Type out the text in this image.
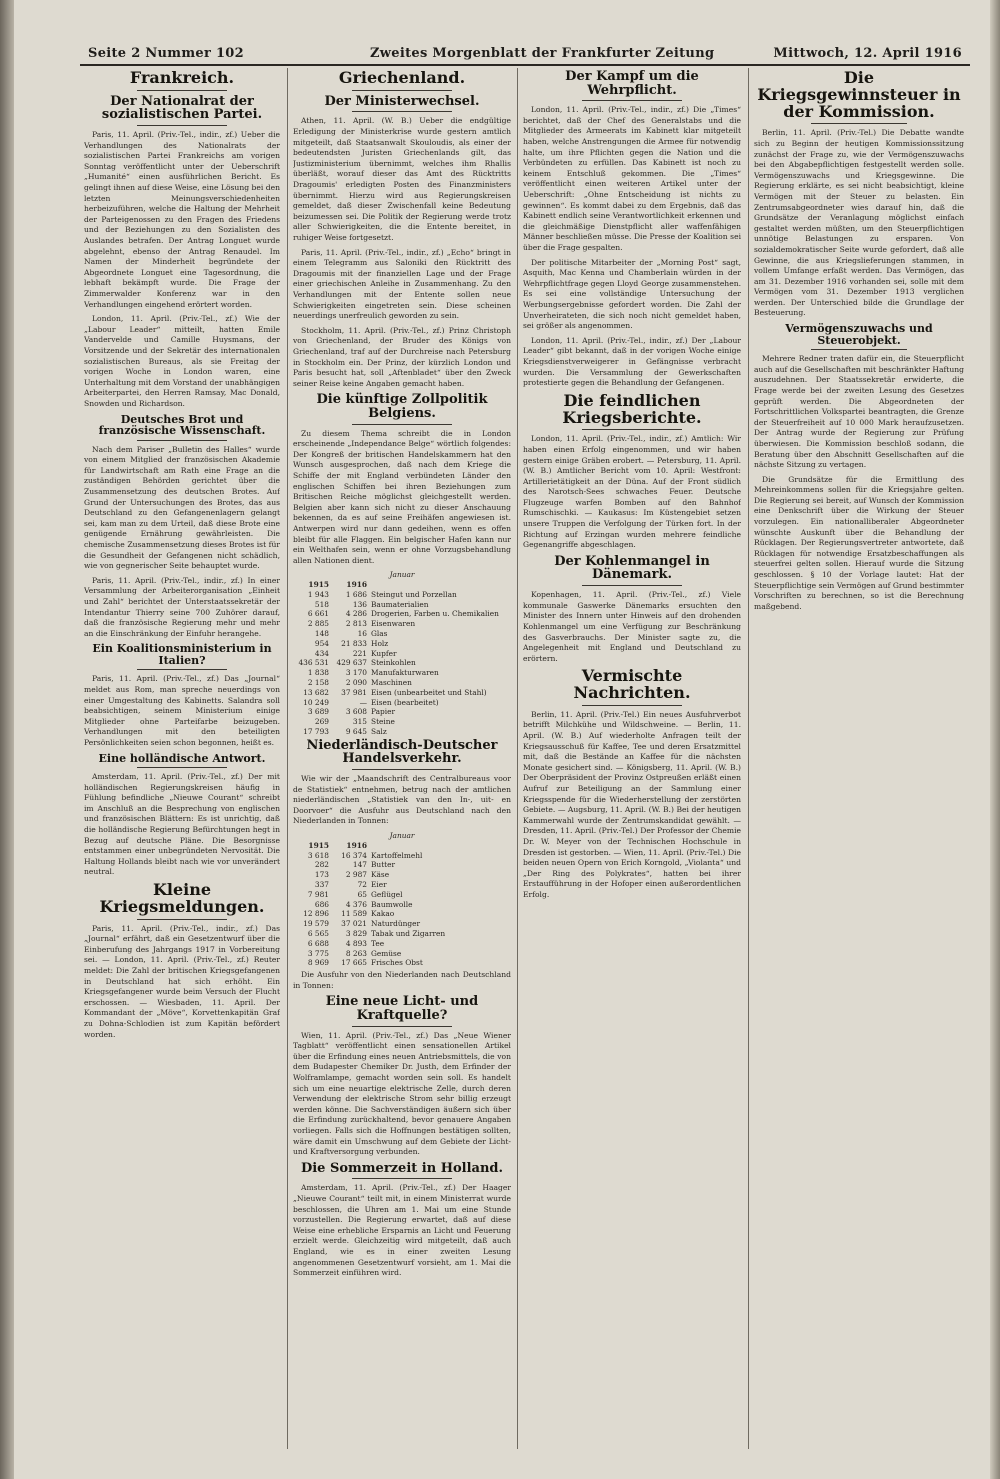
Seite 2 Nummer 102	Zweites Morgenblatt der Frankfurter Zeitung	Mittwoch, 12. April 1916
Frankreich.
Der Nationalrat der sozialistischen Partei.

Paris, 11. April. (Priv.-Tel., indir., zf.) Ueber die Verhandlungen des Nationalrats der sozialistischen Partei Frankreichs am vorigen Sonntag veröffentlicht unter der Ueberschrift „Humanité“ einen ausführlichen Bericht. Es gelingt ihnen auf diese Weise, eine Lösung bei den letzten Meinungsverschiedenheiten herbeizuführen, welche die Haltung der Mehrheit der Parteigenossen zu den Fragen des Friedens und der Beziehungen zu den Sozialisten des Auslandes betrafen. Der Antrag Longuet wurde abgelehnt, ebenso der Antrag Renaudel. Im Namen der Minderheit begründete der Abgeordnete Longuet eine Tagesordnung, die lebhaft bekämpft wurde. Die Frage der Zimmerwalder Konferenz war in den Verhandlungen eingehend erörtert worden.

London, 11. April. (Priv.-Tel., zf.) Wie der „Labour Leader“ mitteilt, hatten Emile Vandervelde und Camille Huysmans, der Vorsitzende und der Sekretär des internationalen sozialistischen Bureaus, als sie Freitag der vorigen Woche in London waren, eine Unterhaltung mit dem Vorstand der unabhängigen Arbeiterpartei, den Herren Ramsay, Mac Donald, Snowden und Richardson.

Deutsches Brot und französische Wissenschaft.

Nach dem Pariser „Bulletin des Halles“ wurde von einem Mitglied der französischen Akademie für Landwirtschaft am Rath eine Frage an die zuständigen Behörden gerichtet über die Zusammensetzung des deutschen Brotes. Auf Grund der Untersuchungen des Brotes, das aus Deutschland zu den Gefangenenlagern gelangt sei, kam man zu dem Urteil, daß diese Brote eine genügende Ernährung gewährleisten. Die chemische Zusammensetzung dieses Brotes ist für die Gesundheit der Gefangenen nicht schädlich, wie von gegnerischer Seite behauptet wurde.

Paris, 11. April. (Priv.-Tel., indir., zf.) In einer Versammlung der Arbeiterorganisation „Einheit und Zahl“ berichtet der Unterstaatssekretär der Intendantur Thierry seine 700 Zuhörer darauf, daß die französische Regierung mehr und mehr an die Einschränkung der Einfuhr herangehe.

Ein Koalitionsministerium in Italien?

Paris, 11. April. (Priv.-Tel., zf.) Das „Journal“ meldet aus Rom, man spreche neuerdings von einer Umgestaltung des Kabinetts. Salandra soll beabsichtigen, seinem Ministerium einige Mitglieder ohne Parteifarbe beizugeben. Verhandlungen mit den beteiligten Persönlichkeiten seien schon begonnen, heißt es.

Eine holländische Antwort.

Amsterdam, 11. April. (Priv.-Tel., zf.) Der mit holländischen Regierungskreisen häufig in Fühlung befindliche „Nieuwe Courant“ schreibt im Anschluß an die Besprechung von englischen und französischen Blättern: Es ist unrichtig, daß die holländische Regierung Befürchtungen hegt in Bezug auf deutsche Pläne. Die Besorgnisse entstammen einer unbegründeten Nervosität. Die Haltung Hollands bleibt nach wie vor unverändert neutral.

Kleine Kriegsmeldungen.

Paris, 11. April. (Priv.-Tel., indir., zf.) Das „Journal“ erfährt, daß ein Gesetzentwurf über die Einberufung des Jahrgangs 1917 in Vorbereitung sei. — London, 11. April. (Priv.-Tel., zf.) Reuter meldet: Die Zahl der britischen Kriegsgefangenen in Deutschland hat sich erhöht. Ein Kriegsgefangener wurde beim Versuch der Flucht erschossen. — Wiesbaden, 11. April. Der Kommandant der „Möve“, Korvettenkapitän Graf zu Dohna-Schlodien ist zum Kapitän befördert worden.

Griechenland.
Der Ministerwechsel.

Athen, 11. April. (W. B.) Ueber die endgültige Erledigung der Ministerkrise wurde gestern amtlich mitgeteilt, daß Staatsanwalt Skouloudis, als einer der bedeutendsten Juristen Griechenlands gilt, das Justizministerium übernimmt, welches ihm Rhallis überläßt, worauf dieser das Amt des Rücktritts Dragoumis' erledigten Posten des Finanzministers übernimmt. Hierzu wird aus Regierungskreisen gemeldet, daß dieser Zwischenfall keine Bedeutung beizumessen sei. Die Politik der Regierung werde trotz aller Schwierigkeiten, die die Entente bereitet, in ruhiger Weise fortgesetzt.

Paris, 11. April. (Priv.-Tel., indir., zf.) „Echo“ bringt in einem Telegramm aus Saloniki den Rücktritt des Dragoumis mit der finanziellen Lage und der Frage einer griechischen Anleihe in Zusammenhang. Zu den Verhandlungen mit der Entente sollen neue Schwierigkeiten eingetreten sein. Diese scheinen neuerdings unerfreulich geworden zu sein.

Stockholm, 11. April. (Priv.-Tel., zf.) Prinz Christoph von Griechenland, der Bruder des Königs von Griechenland, traf auf der Durchreise nach Petersburg in Stockholm ein. Der Prinz, der kürzlich London und Paris besucht hat, soll „Aftenbladet“ über den Zweck seiner Reise keine Angaben gemacht haben.

Die künftige Zollpolitik Belgiens.

Zu diesem Thema schreibt die in London erscheinende „Independance Belge“ wörtlich folgendes: Der Kongreß der britischen Handelskammern hat den Wunsch ausgesprochen, daß nach dem Kriege die Schiffe der mit England verbündeten Länder den englischen Schiffen bei ihren Beziehungen zum Britischen Reiche möglichst gleichgestellt werden. Belgien aber kann sich nicht zu dieser Anschauung bekennen, da es auf seine Freihäfen angewiesen ist. Antwerpen wird nur dann gedeihen, wenn es offen bleibt für alle Flaggen. Ein belgischer Hafen kann nur ein Welthafen sein, wenn er ohne Vorzugsbehandlung allen Nationen dient.

Januar		
1915	1916	
1 943	1 686	Steingut und Porzellan
518	136	Baumaterialien
6 661	4 286	Drogerien, Farben u. Chemikalien
2 885	2 813	Eisenwaren
148	16	Glas
954	21 833	Holz
434	221	Kupfer
436 531	429 637	Steinkohlen
1 838	3 170	Manufakturwaren
2 158	2 090	Maschinen
13 682	37 981	Eisen (unbearbeitet und Stahl)
10 249	—	Eisen (bearbeitet)
3 689	3 608	Papier
269	315	Steine
17 793	9 645	Salz
Niederländisch-Deutscher Handelsverkehr.

Wie wir der „Maandschrift des Centralbureaus voor de Statistiek“ entnehmen, betrug nach der amtlichen niederländischen „Statistiek van den In-, uit- en Doorvoer“ die Ausfuhr aus Deutschland nach den Niederlanden in Tonnen:

Januar		
1915	1916	
3 618	16 374	Kartoffelmehl
282	147	Butter
173	2 987	Käse
337	72	Eier
7 981	65	Geflügel
686	4 376	Baumwolle
12 896	11 589	Kakao
19 579	37 021	Naturdünger
6 565	3 829	Tabak und Zigarren
6 688	4 893	Tee
3 775	8 263	Gemüse
8 969	17 665	Frisches Obst

Die Ausfuhr von den Niederlanden nach Deutschland in Tonnen:

Eine neue Licht- und Kraftquelle?

Wien, 11. April. (Priv.-Tel., zf.) Das „Neue Wiener Tagblatt“ veröffentlicht einen sensationellen Artikel über die Erfindung eines neuen Antriebsmittels, die von dem Budapester Chemiker Dr. Justh, dem Erfinder der Wolframlampe, gemacht worden sein soll. Es handelt sich um eine neuartige elektrische Zelle, durch deren Verwendung der elektrische Strom sehr billig erzeugt werden könne. Die Sachverständigen äußern sich über die Erfindung zurückhaltend, bevor genauere Angaben vorliegen. Falls sich die Hoffnungen bestätigen sollten, wäre damit ein Umschwung auf dem Gebiete der Licht- und Kraftversorgung verbunden.

Die Sommerzeit in Holland.

Amsterdam, 11. April. (Priv.-Tel., zf.) Der Haager „Nieuwe Courant“ teilt mit, in einem Ministerrat wurde beschlossen, die Uhren am 1. Mai um eine Stunde vorzustellen. Die Regierung erwartet, daß auf diese Weise eine erhebliche Ersparnis an Licht und Feuerung erzielt werde. Gleichzeitig wird mitgeteilt, daß auch England, wie es in einer zweiten Lesung angenommenen Gesetzentwurf vorsieht, am 1. Mai die Sommerzeit einführen wird.

Der Kampf um die Wehrpflicht.

London, 11. April. (Priv.-Tel., indir., zf.) Die „Times“ berichtet, daß der Chef des Generalstabs und die Mitglieder des Armeerats im Kabinett klar mitgeteilt haben, welche Anstrengungen die Armee für notwendig halte, um ihre Pflichten gegen die Nation und die Verbündeten zu erfüllen. Das Kabinett ist noch zu keinem Entschluß gekommen. Die „Times“ veröffentlicht einen weiteren Artikel unter der Ueberschrift: „Ohne Entscheidung ist nichts zu gewinnen“. Es kommt dabei zu dem Ergebnis, daß das Kabinett endlich seine Verantwortlichkeit erkennen und die gleichmäßige Dienstpflicht aller waffenfähigen Männer beschließen müsse. Die Presse der Koalition sei über die Frage gespalten.

Der politische Mitarbeiter der „Morning Post“ sagt, Asquith, Mac Kenna und Chamberlain würden in der Wehrpflichtfrage gegen Lloyd George zusammenstehen. Es sei eine vollständige Untersuchung der Werbungsergebnisse gefordert worden. Die Zahl der Unverheirateten, die sich noch nicht gemeldet haben, sei größer als angenommen.

London, 11. April. (Priv.-Tel., indir., zf.) Der „Labour Leader“ gibt bekannt, daß in der vorigen Woche einige Kriegsdienstverweigerer in Gefängnisse verbracht wurden. Die Versammlung der Gewerkschaften protestierte gegen die Behandlung der Gefangenen.

Die feindlichen Kriegsberichte.

London, 11. April. (Priv.-Tel., indir., zf.) Amtlich: Wir haben einen Erfolg eingenommen, und wir haben gestern einige Gräben erobert. — Petersburg, 11. April. (W. B.) Amtlicher Bericht vom 10. April: Westfront: Artillerietätigkeit an der Düna. Auf der Front südlich des Narotsch-Sees schwaches Feuer. Deutsche Flugzeuge warfen Bomben auf den Bahnhof Rumschischki. — Kaukasus: Im Küstengebiet setzen unsere Truppen die Verfolgung der Türken fort. In der Richtung auf Erzingan wurden mehrere feindliche Gegenangriffe abgeschlagen.

Der Kohlenmangel in Dänemark.

Kopenhagen, 11. April. (Priv.-Tel., zf.) Viele kommunale Gaswerke Dänemarks ersuchten den Minister des Innern unter Hinweis auf den drohenden Kohlenmangel um eine Verfügung zur Beschränkung des Gasverbrauchs. Der Minister sagte zu, die Angelegenheit mit England und Deutschland zu erörtern.

Vermischte Nachrichten.

Berlin, 11. April. (Priv.-Tel.) Ein neues Ausfuhrverbot betrifft Milchkühe und Wildschweine. — Berlin, 11. April. (W. B.) Auf wiederholte Anfragen teilt der Kriegsausschuß für Kaffee, Tee und deren Ersatzmittel mit, daß die Bestände an Kaffee für die nächsten Monate gesichert sind. — Königsberg, 11. April. (W. B.) Der Oberpräsident der Provinz Ostpreußen erläßt einen Aufruf zur Beteiligung an der Sammlung einer Kriegsspende für die Wiederherstellung der zerstörten Gebiete. — Augsburg, 11. April. (W. B.) Bei der heutigen Kammerwahl wurde der Zentrumskandidat gewählt. — Dresden, 11. April. (Priv.-Tel.) Der Professor der Chemie Dr. W. Meyer von der Technischen Hochschule in Dresden ist gestorben. — Wien, 11. April. (Priv.-Tel.) Die beiden neuen Opern von Erich Korngold, „Violanta“ und „Der Ring des Polykrates“, hatten bei ihrer Erstaufführung in der Hofoper einen außerordentlichen Erfolg.

Die Kriegsgewinnsteuer in der Kommission.

Berlin, 11. April. (Priv.-Tel.) Die Debatte wandte sich zu Beginn der heutigen Kommissionssitzung zunächst der Frage zu, wie der Vermögenszuwachs bei den Abgabepflichtigen festgestellt werden solle. Vermögenszuwachs und Kriegsgewinne. Die Regierung erklärte, es sei nicht beabsichtigt, kleine Vermögen mit der Steuer zu belasten. Ein Zentrumsabgeordneter wies darauf hin, daß die Grundsätze der Veranlagung möglichst einfach gestaltet werden müßten, um den Steuerpflichtigen unnötige Belastungen zu ersparen. Von sozialdemokratischer Seite wurde gefordert, daß alle Gewinne, die aus Kriegslieferungen stammen, in vollem Umfange erfaßt werden. Das Vermögen, das am 31. Dezember 1916 vorhanden sei, solle mit dem Vermögen vom 31. Dezember 1913 verglichen werden. Der Unterschied bilde die Grundlage der Besteuerung.

Vermögenszuwachs und Steuerobjekt.

Mehrere Redner traten dafür ein, die Steuerpflicht auch auf die Gesellschaften mit beschränkter Haftung auszudehnen. Der Staatssekretär erwiderte, die Frage werde bei der zweiten Lesung des Gesetzes geprüft werden. Die Abgeordneten der Fortschrittlichen Volkspartei beantragten, die Grenze der Steuerfreiheit auf 10 000 Mark heraufzusetzen. Der Antrag wurde der Regierung zur Prüfung überwiesen. Die Kommission beschloß sodann, die Beratung über den Abschnitt Gesellschaften auf die nächste Sitzung zu vertagen.

Die Grundsätze für die Ermittlung des Mehreinkommens sollen für die Kriegsjahre gelten. Die Regierung sei bereit, auf Wunsch der Kommission eine Denkschrift über die Wirkung der Steuer vorzulegen. Ein nationalliberaler Abgeordneter wünschte Auskunft über die Behandlung der Rücklagen. Der Regierungsvertreter antwortete, daß Rücklagen für notwendige Ersatzbeschaffungen als steuerfrei gelten sollen. Hierauf wurde die Sitzung geschlossen. § 10 der Vorlage lautet: Hat der Steuerpflichtige sein Vermögen auf Grund bestimmter Vorschriften zu berechnen, so ist die Berechnung maßgebend.
